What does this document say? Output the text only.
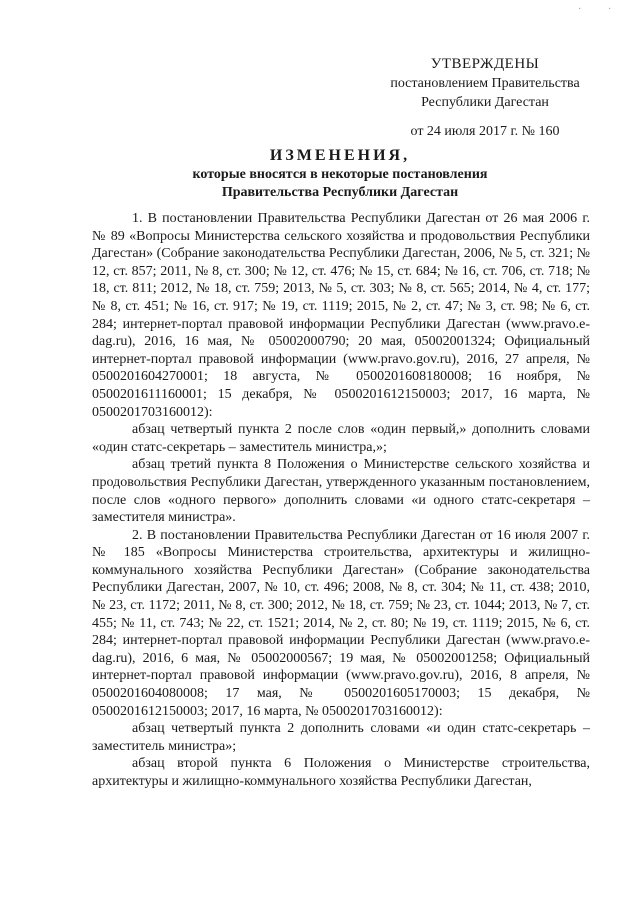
·	·
УТВЕРЖДЕНЫ
постановлением Правительства
Республики Дагестан
от 24 июля 2017 г. № 160
ИЗМЕНЕНИЯ,
которые вносятся в некоторые постановления
Правительства Республики Дагестан

1. В постановлении Правительства Республики Дагестан от 26 мая 2006 г. № 89 «Вопросы Министерства сельского хозяйства и продовольствия Республики Дагестан» (Собрание законодательства Республики Дагестан, 2006, № 5, ст. 321; № 12, ст. 857; 2011, № 8, ст. 300; № 12, ст. 476; № 15, ст. 684; № 16, ст. 706, ст. 718; № 18, ст. 811; 2012, № 18, ст. 759; 2013, № 5, ст. 303; № 8, ст. 565; 2014, № 4, ст. 177; № 8, ст. 451; № 16, ст. 917; № 19, ст. 1119; 2015, № 2, ст. 47; № 3, ст. 98; № 6, ст. 284; интернет-портал правовой информации Республики Дагестан (www.pravo.e-dag.ru), 2016, 16 мая, № 05002000790; 20 мая, 05002001324; Официальный интернет-портал правовой информации (www.pravo.gov.ru), 2016, 27 апреля, № 0500201604270001; 18 августа, № 0500201608180008; 16 ноября, № 0500201611160001; 15 декабря, № 0500201612150003; 2017, 16 марта, № 0500201703160012):

абзац четвертый пункта 2 после слов «один первый,» дополнить словами «один статс-секретарь – заместитель министра,»;

абзац третий пункта 8 Положения о Министерстве сельского хозяйства и продовольствия Республики Дагестан, утвержденного указанным постановлением, после слов «одного первого» дополнить словами «и одного статс-секретаря – заместителя министра».

2. В постановлении Правительства Республики Дагестан от 16 июля 2007 г. № 185 «Вопросы Министерства строительства, архитектуры и жилищно-коммунального хозяйства Республики Дагестан» (Собрание законодательства Республики Дагестан, 2007, № 10, ст. 496; 2008, № 8, ст. 304; № 11, ст. 438; 2010, № 23, ст. 1172; 2011, № 8, ст. 300; 2012, № 18, ст. 759; № 23, ст. 1044; 2013, № 7, ст. 455; № 11, ст. 743; № 22, ст. 1521; 2014, № 2, ст. 80; № 19, ст. 1119; 2015, № 6, ст. 284; интернет-портал правовой информации Республики Дагестан (www.pravo.e-dag.ru), 2016, 6 мая, № 05002000567; 19 мая, № 05002001258; Официальный интернет-портал правовой информации (www.pravo.gov.ru), 2016, 8 апреля, № 0500201604080008; 17 мая, № 0500201605170003; 15 декабря, № 0500201612150003; 2017, 16 марта, № 0500201703160012):

абзац четвертый пункта 2 дополнить словами «и один статс-секретарь – заместитель министра»;

абзац второй пункта 6 Положения о Министерстве строительства, архитектуры и жилищно-коммунального хозяйства Республики Дагестан,
